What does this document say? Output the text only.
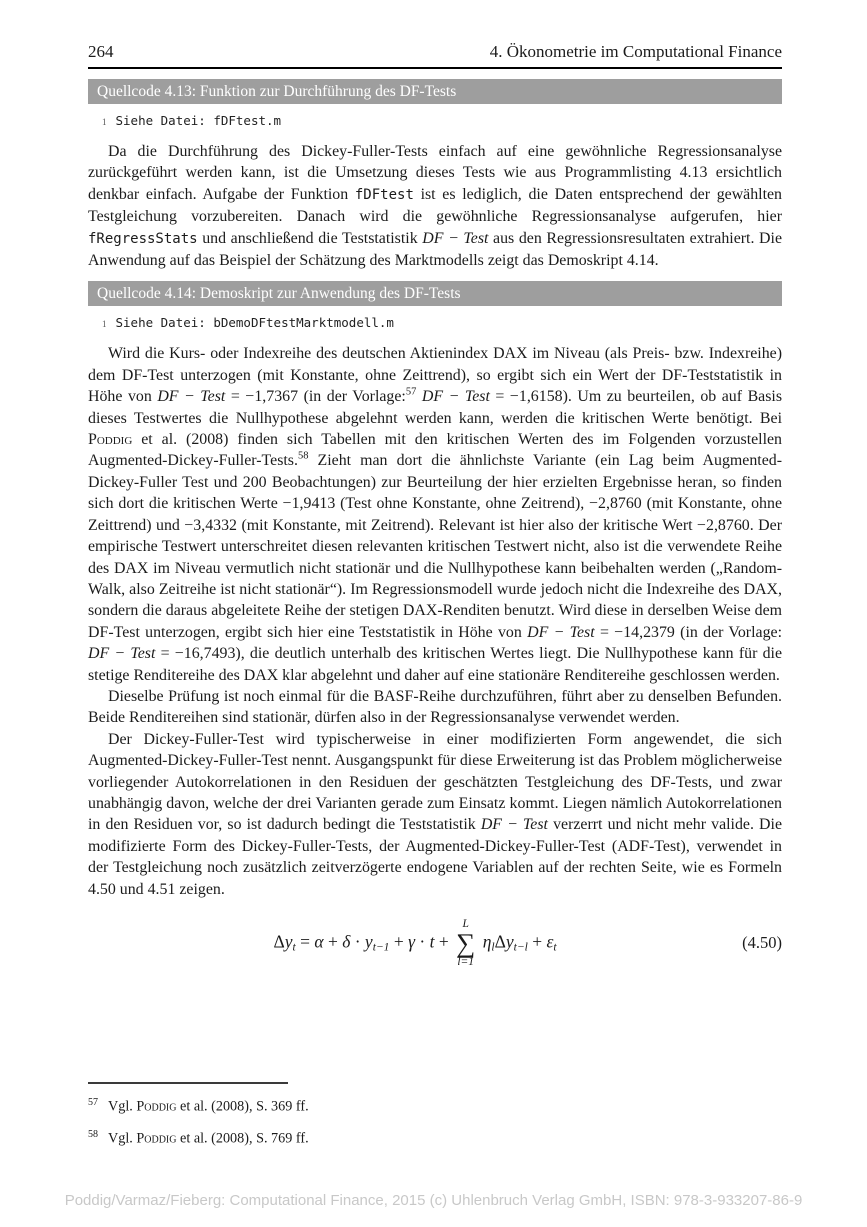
264	4. Ökonometrie im Computational Finance
Quellcode 4.13: Funktion zur Durchführung des DF-Tests
1 Siehe Datei: fDFtest.m

Da die Durchführung des Dickey-Fuller-Tests einfach auf eine gewöhnliche Regressionsanalyse zurückgeführt werden kann, ist die Umsetzung dieses Tests wie aus Programmlisting 4.13 ersichtlich denkbar einfach. Aufgabe der Funktion fDFtest ist es lediglich, die Daten entsprechend der gewählten Testgleichung vorzubereiten. Danach wird die gewöhnliche Regressionsanalyse aufgerufen, hier fRegressStats und anschließend die Teststatistik DF − Test aus den Regressionsresultaten extrahiert. Die Anwendung auf das Beispiel der Schätzung des Marktmodells zeigt das Demoskript 4.14.

Quellcode 4.14: Demoskript zur Anwendung des DF-Tests
1 Siehe Datei: bDemoDFtestMarktmodell.m

Wird die Kurs- oder Indexreihe des deutschen Aktienindex DAX im Niveau (als Preis- bzw. Indexreihe) dem DF-Test unterzogen (mit Konstante, ohne Zeittrend), so ergibt sich ein Wert der DF-Teststatistik in Höhe von DF − Test = −1,7367 (in der Vorlage:$^{57}$ DF − Test = −1,6158). Um zu beurteilen, ob auf Basis dieses Testwertes die Nullhypothese abgelehnt werden kann, werden die kritischen Werte benötigt. Bei Poddig et al. (2008) finden sich Tabellen mit den kritischen Werten des im Folgenden vorzustellen Augmented-Dickey-Fuller-Tests.$^{58}$ Zieht man dort die ähnlichste Variante (ein Lag beim Augmented-Dickey-Fuller Test und 200 Beobachtungen) zur Beurteilung der hier erzielten Ergebnisse heran, so finden sich dort die kritischen Werte −1,9413 (Test ohne Konstante, ohne Zeitrend), −2,8760 (mit Konstante, ohne Zeittrend) und −3,4332 (mit Konstante, mit Zeitrend). Relevant ist hier also der kritische Wert −2,8760. Der empirische Testwert unterschreitet diesen relevanten kritischen Testwert nicht, also ist die verwendete Reihe des DAX im Niveau vermutlich nicht stationär und die Nullhypothese kann beibehalten werden („Random-Walk, also Zeitreihe ist nicht stationär“). Im Regressionsmodell wurde jedoch nicht die Indexreihe des DAX, sondern die daraus abgeleitete Reihe der stetigen DAX-Renditen benutzt. Wird diese in derselben Weise dem DF-Test unterzogen, ergibt sich hier eine Teststatistik in Höhe von DF − Test = −14,2379 (in der Vorlage: DF − Test = −16,7493), die deutlich unterhalb des kritischen Wertes liegt. Die Nullhypothese kann für die stetige Renditereihe des DAX klar abgelehnt und daher auf eine stationäre Renditereihe geschlossen werden.

Dieselbe Prüfung ist noch einmal für die BASF-Reihe durchzuführen, führt aber zu denselben Befunden. Beide Renditereihen sind stationär, dürfen also in der Regressionsanalyse verwendet werden.

Der Dickey-Fuller-Test wird typischerweise in einer modifizierten Form angewendet, die sich Augmented-Dickey-Fuller-Test nennt. Ausgangspunkt für diese Erweiterung ist das Problem möglicherweise vorliegender Autokorrelationen in den Residuen der geschätzten Testgleichung des DF-Tests, und zwar unabhängig davon, welche der drei Varianten gerade zum Einsatz kommt. Liegen nämlich Autokorrelationen in den Residuen vor, so ist dadurch bedingt die Teststatistik DF − Test verzerrt und nicht mehr valide. Die modifizierte Form des Dickey-Fuller-Tests, der Augmented-Dickey-Fuller-Test (ADF-Test), verwendet in der Testgleichung noch zusätzlich zeitverzögerte endogene Variablen auf der rechten Seite, wie es Formeln 4.50 und 4.51 zeigen.

Δyt = α + δ · yt−1 + γ · t +
L
∑
l=1
ηlΔyt−l + εt	(4.50)
$^{57}$ Vgl. Poddig et al. (2008), S. 369 ff.
$^{58}$ Vgl. Poddig et al. (2008), S. 769 ff.
Poddig/Varmaz/Fieberg: Computational Finance, 2015 (c) Uhlenbruch Verlag GmbH, ISBN: 978-3-933207-86-9
